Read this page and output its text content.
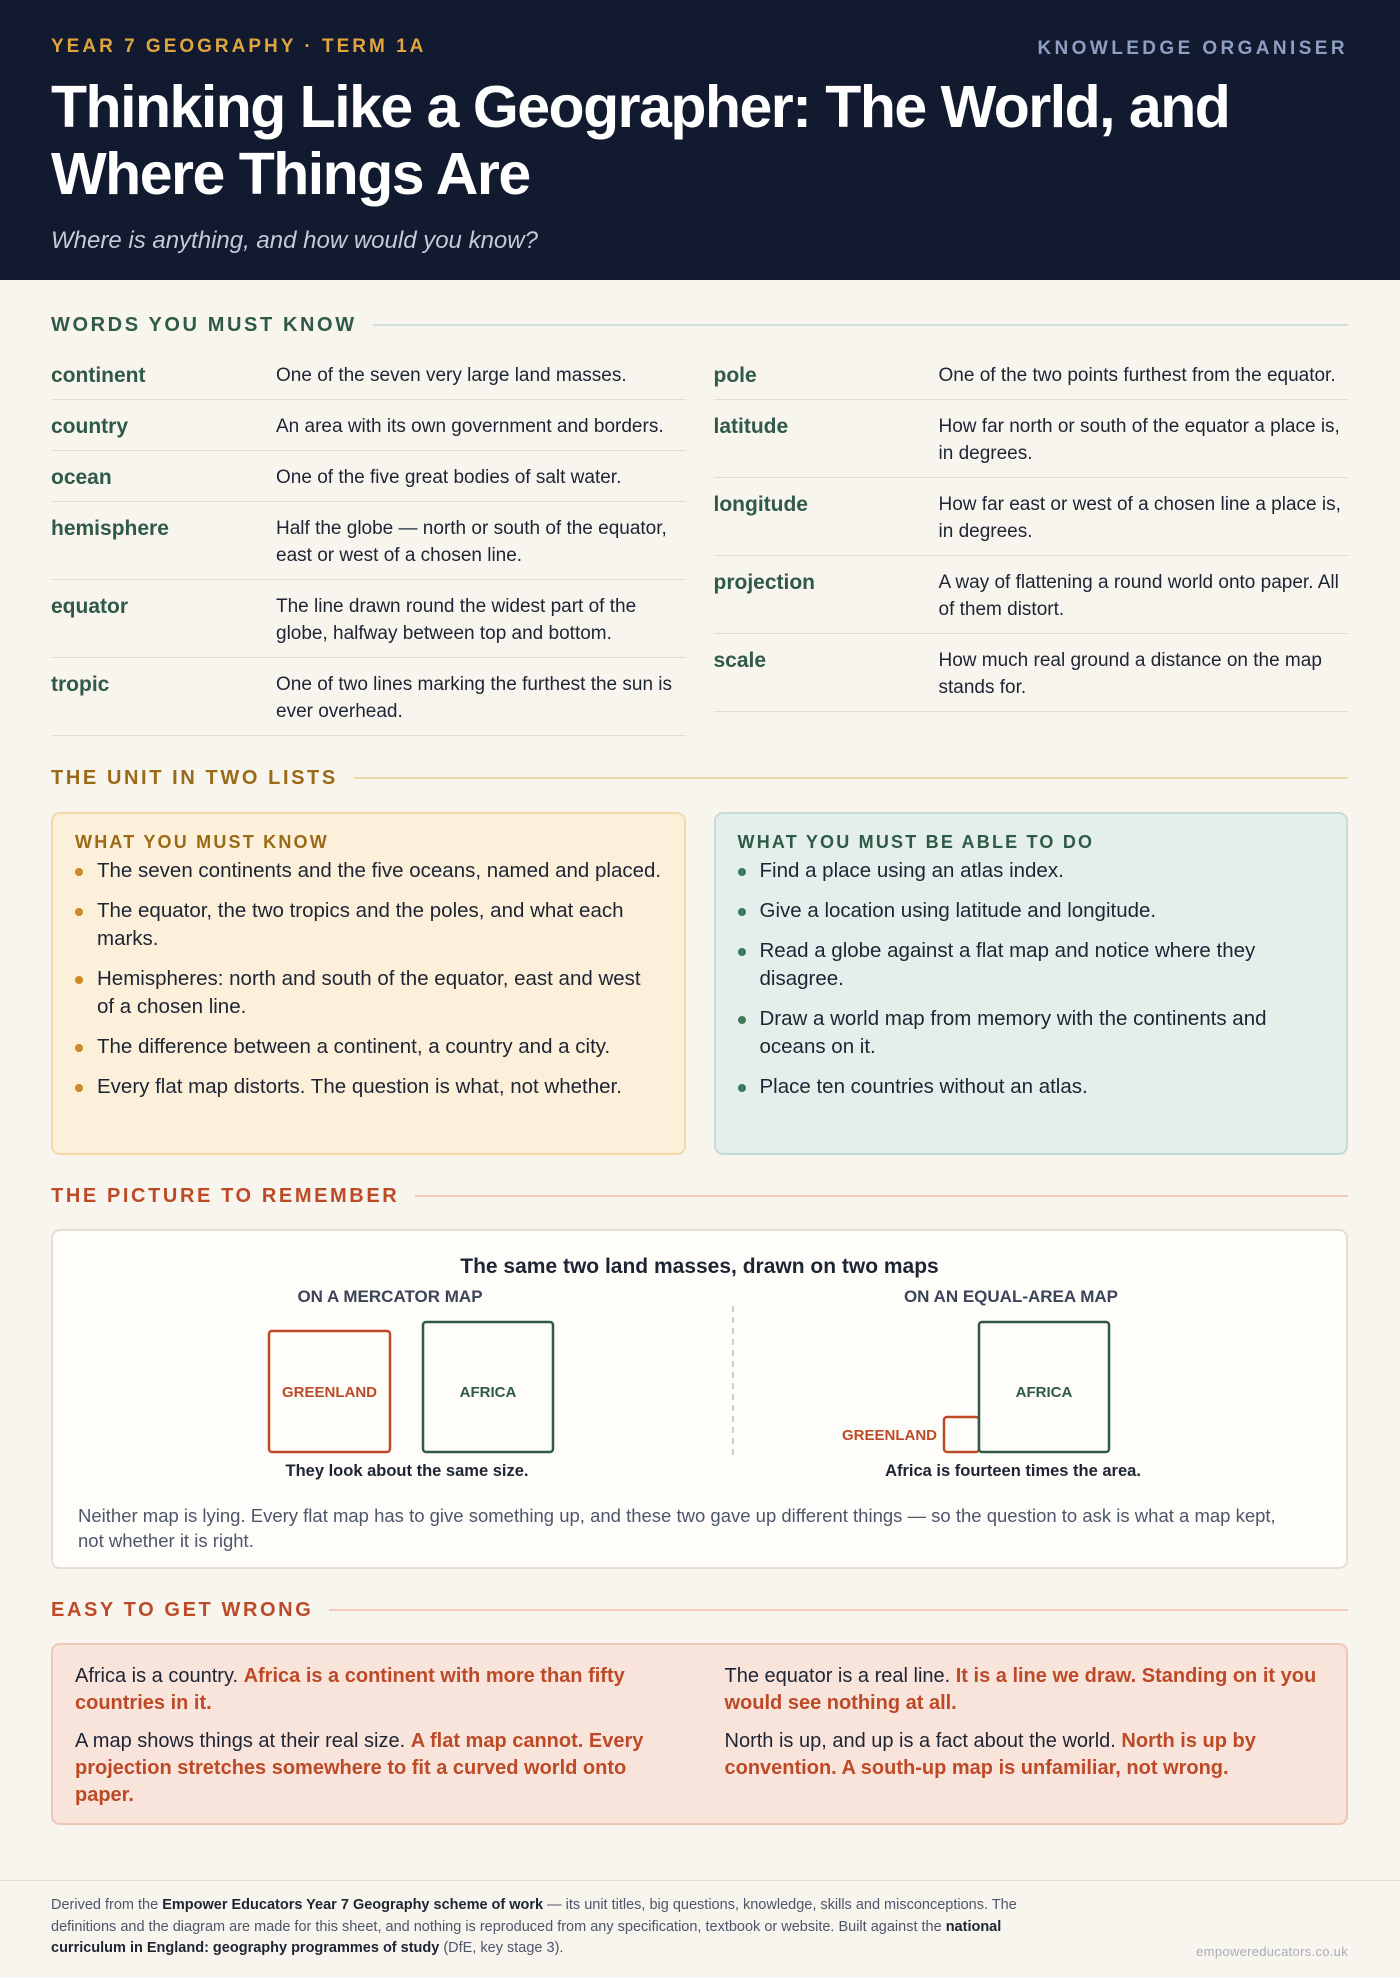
YEAR 7 GEOGRAPHY · TERM 1A	KNOWLEDGE ORGANISER
Thinking Like a Geographer: The World, and Where Things Are
Where is anything, and how would you know?
WORDS YOU MUST KNOW
continent	One of the seven very large land masses.
country	An area with its own government and borders.
ocean	One of the five great bodies of salt water.
hemisphere	Half the globe — north or south of the equator, east or west of a chosen line.
equator	The line drawn round the widest part of the globe, halfway between top and bottom.
tropic	One of two lines marking the furthest the sun is ever overhead.
pole	One of the two points furthest from the equator.
latitude	How far north or south of the equator a place is, in degrees.
longitude	How far east or west of a chosen line a place is, in degrees.
projection	A way of flattening a round world onto paper. All of them distort.
scale	How much real ground a distance on the map stands for.
THE UNIT IN TWO LISTS
WHAT YOU MUST KNOW
The seven continents and the five oceans, named and placed.
The equator, the two tropics and the poles, and what each marks.
Hemispheres: north and south of the equator, east and west of a chosen line.
The difference between a continent, a country and a city.
Every flat map distorts. The question is what, not whether.
WHAT YOU MUST BE ABLE TO DO
Find a place using an atlas index.
Give a location using latitude and longitude.
Read a globe against a flat map and notice where they disagree.
Draw a world map from memory with the continents and oceans on it.
Place ten countries without an atlas.
THE PICTURE TO REMEMBER
The same two land masses, drawn on two maps
ON A MERCATOR MAP
GREENLAND	AFRICA
They look about the same size.
ON AN EQUAL-AREA MAP
GREENLAND
AFRICA
Africa is fourteen times the area.
Neither map is lying. Every flat map has to give something up, and these two gave up different things — so the question to ask is what a map kept, not whether it is right.
EASY TO GET WRONG

Africa is a country. Africa is a continent with more than fifty countries in it.

A map shows things at their real size. A flat map cannot. Every projection stretches somewhere to fit a curved world onto paper.

The equator is a real line. It is a line we draw. Standing on it you would see nothing at all.

North is up, and up is a fact about the world. North is up by convention. A south-up map is unfamiliar, not wrong.

Derived from the Empower Educators Year 7 Geography scheme of work — its unit titles, big questions, knowledge, skills and misconceptions. The definitions and the diagram are made for this sheet, and nothing is reproduced from any specification, textbook or website. Built against the national curriculum in England: geography programmes of study (DfE, key stage 3).	empowereducators.co.uk
